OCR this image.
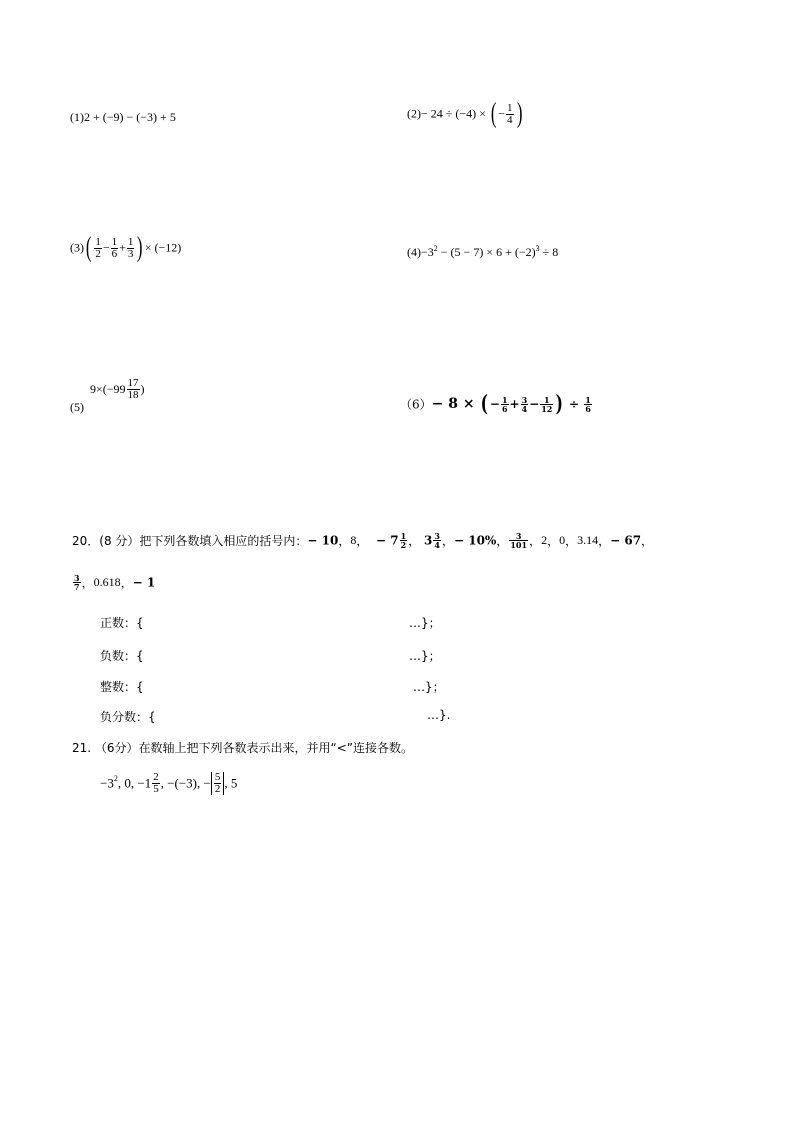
(1)2 + (−9) − (−3) + 5	(2)− 24 ÷ (−4) × ( − $\frac{1}{4}$ )
$(3)( \frac{1}{2} - \frac{1}{6} + \frac{1}{3}$ ) × (−12)	$(4)-3^2 - (5 - 7) \times 6 + (-2)^3 \div 8$
(5)
$9\times(-99 \frac{17}{18}$ )
（6）− 8 × ( − $\frac{1}{6} + \frac{3}{4} - \frac{1}{12}$ ) ÷ $\frac{1}{6}$
20．(8 分）把下列各数填入相应的括号内：− 10，8， − $7 \frac{1}{2}$ ， $3 \frac{3}{4}$ ，− 10%， $\frac{3}{101}$ ，2，0，3.14，− 67，
$\frac{3}{7}$ ，0.618，− 1
正数：{	…}；
负数：{	…}；
整数：{	…}；
负分数：{	…}.
21. （6分）在数轴上把下列各数表示出来，并用“<”连接各数。
$-3^2$, 0, $-1 \frac{2}{5}$ , −(−3), − $\frac{5}{2}$ , 5
